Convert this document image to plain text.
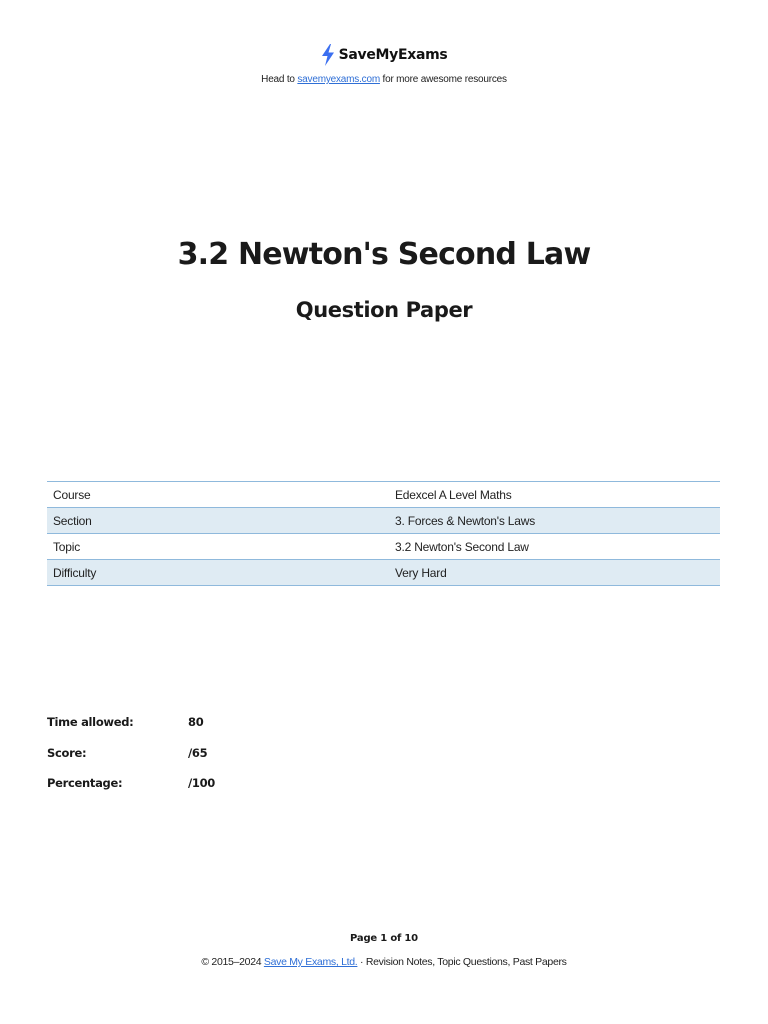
SaveMyExams
Head to savemyexams.com for more awesome resources
3.2 Newton's Second Law
Question Paper
Course	Edexcel A Level Maths
Section	3. Forces & Newton's Laws
Topic	3.2 Newton's Second Law
Difficulty	Very Hard
Time allowed:	80
Score:	/65
Percentage:	/100
Page 1 of 10
© 2015–2024 Save My Exams, Ltd. · Revision Notes, Topic Questions, Past Papers
